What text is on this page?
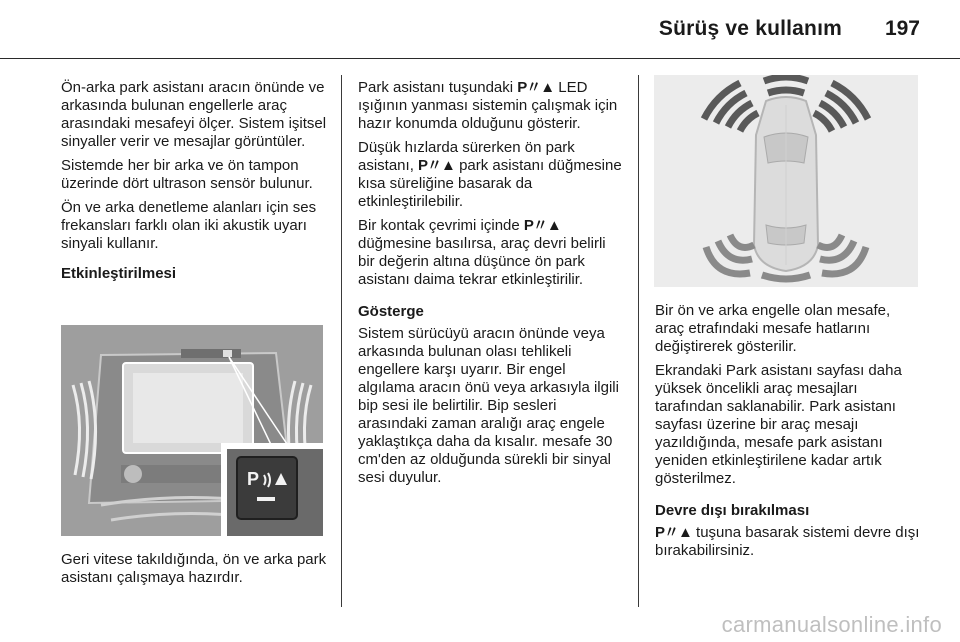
Sürüş ve kullanım 197

Ön-arka park asistanı aracın önünde ve arkasında bulunan engellerle araç arasındaki mesafeyi ölçer. Sistem işitsel sinyaller verir ve mesajlar görüntüler.

Sistemde her bir arka ve ön tampon üzerinde dört ultrason sensör bulunur.

Ön ve arka denetleme alanları için ses frekansları farklı olan iki akustik uyarı sinyali kullanır.

Etkinleştirilmesi
P

Geri vitese takıldığında, ön ve arka park asistanı çalışmaya hazırdır.

Park asistanı tuşundaki P〃▲ LED ışığının yanması sistemin çalışmak için hazır konumda olduğunu gösterir.

Düşük hızlarda sürerken ön park asistanı, P〃▲ park asistanı düğmesine kısa süreliğine basarak da etkinleştirilebilir.

Bir kontak çevrimi içinde P〃▲ düğmesine basılırsa, araç devri belirli bir değerin altına düşünce ön park asistanı daima tekrar etkinleştirilir.

Gösterge

Sistem sürücüyü aracın önünde veya arkasında bulunan olası tehlikeli engellere karşı uyarır. Bir engel algılama aracın önü veya arkasıyla ilgili bip sesi ile belirtilir. Bip sesleri arasındaki zaman aralığı araç engele yaklaştıkça daha da kısalır. mesafe 30 cm'den az olduğunda sürekli bir sinyal sesi duyulur.

Bir ön ve arka engelle olan mesafe, araç etrafındaki mesafe hatlarını değiştirerek gösterilir.

Ekrandaki Park asistanı sayfası daha yüksek öncelikli araç mesajları tarafından saklanabilir. Park asistanı sayfası üzerine bir araç mesajı yazıldığında, mesafe park asistanı yeniden etkinleştirilene kadar artık gösterilmez.

Devre dışı bırakılması

P〃▲ tuşuna basarak sistemi devre dışı bırakabilirsiniz.

carmanualsonline.info
